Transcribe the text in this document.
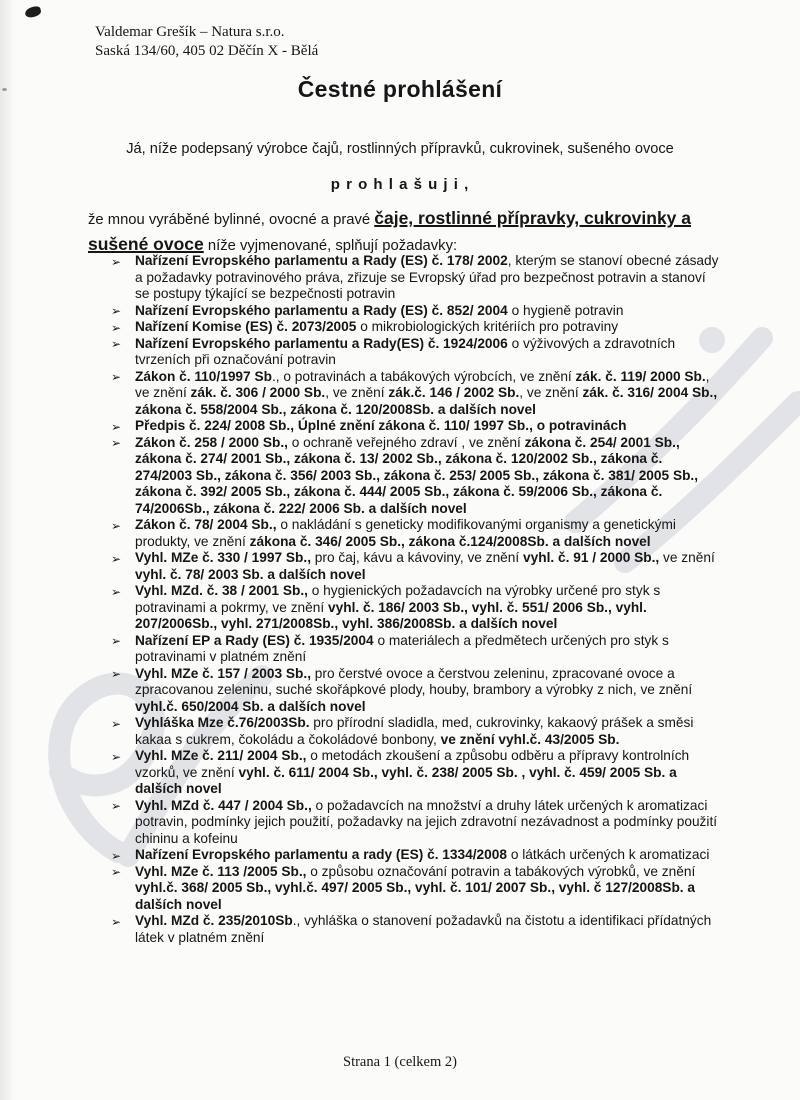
Valdemar Grešík – Natura s.r.o.
Saská 134/60, 405 02 Děčín X - Bělá
Čestné prohlášení
Já, níže podepsaný výrobce čajů, rostlinných přípravků, cukrovinek, sušeného ovoce
p r o h l a š u j i ,
že mnou vyráběné bylinné, ovocné a pravé čaje, rostlinné přípravky, cukrovinky a sušené ovoce níže vyjmenované, splňují požadavky:
➢ Nařízení Evropského parlamentu a Rady (ES) č. 178/ 2002, kterým se stanoví obecné zásady a požadavky potravinového práva, zřizuje se Evropský úřad pro bezpečnost potravin a stanoví se postupy týkající se bezpečnosti potravin
➢ Nařízení Evropského parlamentu a Rady (ES) č. 852/ 2004 o hygieně potravin
➢ Nařízení Komise (ES) č. 2073/2005 o mikrobiologických kritériích pro potraviny
➢ Nařízení Evropského parlamentu a Rady(ES) č. 1924/2006 o výživových a zdravotních tvrzeních při označování potravin
➢ Zákon č. 110/1997 Sb., o potravinách a tabákových výrobcích, ve znění zák. č. 119/ 2000 Sb., ve znění zák. č. 306 / 2000 Sb., ve znění zák.č. 146 / 2002 Sb., ve znění zák. č. 316/ 2004 Sb., zákona č. 558/2004 Sb., zákona č. 120/2008Sb. a dalších novel
➢ Předpis č. 224/ 2008 Sb., Úplné znění zákona č. 110/ 1997 Sb., o potravinách
➢ Zákon č. 258 / 2000 Sb., o ochraně veřejného zdraví , ve znění zákona č. 254/ 2001 Sb., zákona č. 274/ 2001 Sb., zákona č. 13/ 2002 Sb., zákona č. 120/2002 Sb., zákona č. 274/2003 Sb., zákona č. 356/ 2003 Sb., zákona č. 253/ 2005 Sb., zákona č. 381/ 2005 Sb., zákona č. 392/ 2005 Sb., zákona č. 444/ 2005 Sb., zákona č. 59/2006 Sb., zákona č. 74/2006Sb., zákona č. 222/ 2006 Sb. a dalších novel
➢ Zákon č. 78/ 2004 Sb., o nakládání s geneticky modifikovanými organismy a genetickými produkty, ve znění zákona č. 346/ 2005 Sb., zákona č.124/2008Sb. a dalších novel
➢ Vyhl. MZe č. 330 / 1997 Sb., pro čaj, kávu a kávoviny, ve znění vyhl. č. 91 / 2000 Sb., ve znění vyhl. č. 78/ 2003 Sb. a dalších novel
➢ Vyhl. MZd. č. 38 / 2001 Sb., o hygienických požadavcích na výrobky určené pro styk s potravinami a pokrmy, ve znění vyhl. č. 186/ 2003 Sb., vyhl. č. 551/ 2006 Sb., vyhl. 207/2006Sb., vyhl. 271/2008Sb., vyhl. 386/2008Sb. a dalších novel
➢ Nařízení EP a Rady (ES) č. 1935/2004 o materiálech a předmětech určených pro styk s potravinami v platném znění
➢ Vyhl. MZe č. 157 / 2003 Sb., pro čerstvé ovoce a čerstvou zeleninu, zpracované ovoce a zpracovanou zeleninu, suché skořápkové plody, houby, brambory a výrobky z nich, ve znění vyhl.č. 650/2004 Sb. a dalších novel
➢ Vyhláška Mze č.76/2003Sb. pro přírodní sladidla, med, cukrovinky, kakaový prášek a směsi kakaa s cukrem, čokoládu a čokoládové bonbony, ve znění vyhl.č. 43/2005 Sb.
➢ Vyhl. MZe č. 211/ 2004 Sb., o metodách zkoušení a způsobu odběru a přípravy kontrolních vzorků, ve znění vyhl. č. 611/ 2004 Sb., vyhl. č. 238/ 2005 Sb. , vyhl. č. 459/ 2005 Sb. a dalších novel
➢ Vyhl. MZd č. 447 / 2004 Sb., o požadavcích na množství a druhy látek určených k aromatizaci potravin, podmínky jejich použití, požadavky na jejich zdravotní nezávadnost a podmínky použití chininu a kofeinu
➢ Nařízení Evropského parlamentu a rady (ES) č. 1334/2008 o látkách určených k aromatizaci
➢ Vyhl. MZe č. 113 /2005 Sb., o způsobu označování potravin a tabákových výrobků, ve znění vyhl.č. 368/ 2005 Sb., vyhl.č. 497/ 2005 Sb., vyhl. č. 101/ 2007 Sb., vyhl. č 127/2008Sb. a dalších novel
➢ Vyhl. MZd č. 235/2010Sb., vyhláška o stanovení požadavků na čistotu a identifikaci přídatných látek v platném znění
Strana 1 (celkem 2)
